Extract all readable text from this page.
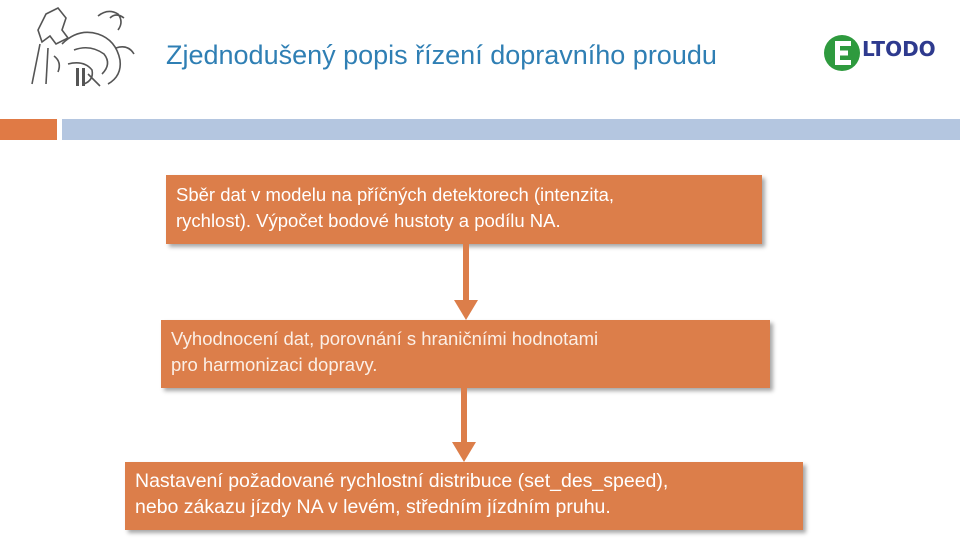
Zjednodušený popis řízení dopravního proudu	LTODO
Sběr dat v modelu na příčných detektorech (intenzita,
rychlost). Výpočet bodové hustoty a podílu NA.
Vyhodnocení dat, porovnání s hraničními hodnotami
pro harmonizaci dopravy.
Nastavení požadované rychlostní distribuce (set_des_speed),
nebo zákazu jízdy NA v levém, středním jízdním pruhu.
